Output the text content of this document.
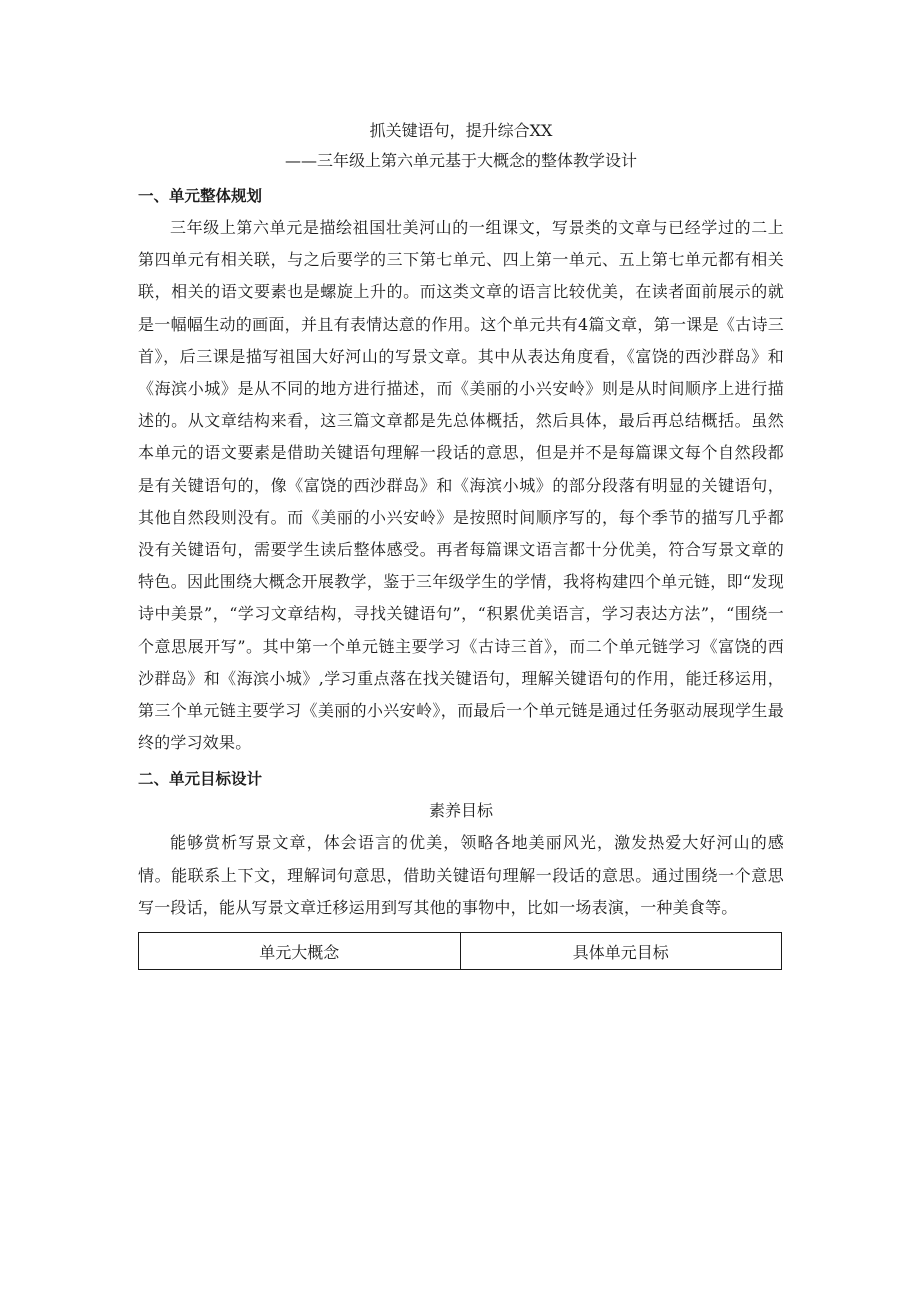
抓关键语句，提升综合XX
——三年级上第六单元基于大概念的整体教学设计
一、单元整体规划

三年级上第六单元是描绘祖国壮美河山的一组课文，写景类的文章与已经学过的二上第四单元有相关联，与之后要学的三下第七单元、四上第一单元、五上第七单元都有相关联，相关的语文要素也是螺旋上升的。而这类文章的语言比较优美，在读者面前展示的就是一幅幅生动的画面，并且有表情达意的作用。这个单元共有4篇文章，第一课是《古诗三首》，后三课是描写祖国大好河山的写景文章。其中从表达角度看，《富饶的西沙群岛》和《海滨小城》是从不同的地方进行描述，而《美丽的小兴安岭》则是从时间顺序上进行描述的。从文章结构来看，这三篇文章都是先总体概括，然后具体，最后再总结概括。虽然本单元的语文要素是借助关键语句理解一段话的意思，但是并不是每篇课文每个自然段都是有关键语句的，像《富饶的西沙群岛》和《海滨小城》的部分段落有明显的关键语句，其他自然段则没有。而《美丽的小兴安岭》是按照时间顺序写的，每个季节的描写几乎都没有关键语句，需要学生读后整体感受。再者每篇课文语言都十分优美，符合写景文章的特色。因此围绕大概念开展教学，鉴于三年级学生的学情，我将构建四个单元链，即“发现诗中美景”，“学习文章结构，寻找关键语句”，“积累优美语言，学习表达方法”，“围绕一个意思展开写”。其中第一个单元链主要学习《古诗三首》，而二个单元链学习《富饶的西沙群岛》和《海滨小城》,学习重点落在找关键语句，理解关键语句的作用，能迁移运用，第三个单元链主要学习《美丽的小兴安岭》，而最后一个单元链是通过任务驱动展现学生最终的学习效果。

二、单元目标设计

素养目标

能够赏析写景文章，体会语言的优美，领略各地美丽风光，激发热爱大好河山的感情。能联系上下文，理解词句意思，借助关键语句理解一段话的意思。通过围绕一个意思写一段话，能从写景文章迁移运用到写其他的事物中，比如一场表演，一种美食等。

单元大概念	具体单元目标
